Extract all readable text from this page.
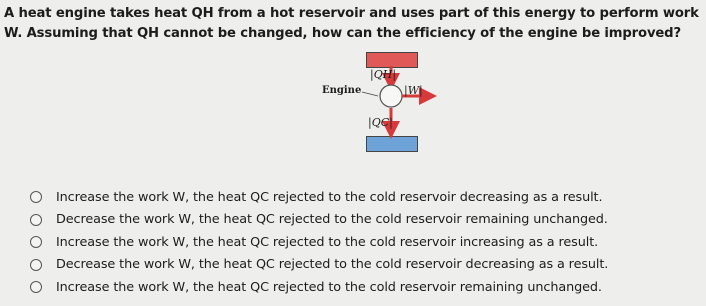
A heat engine takes heat QH from a hot reservoir and uses part of this energy to perform work W. Assuming that QH cannot be changed, how can the efficiency of the engine be improved?
Engine
|QH|
|QC|
|W|
Increase the work W, the heat QC rejected to the cold reservoir decreasing as a result.
Decrease the work W, the heat QC rejected to the cold reservoir remaining unchanged.
Increase the work W, the heat QC rejected to the cold reservoir increasing as a result.
Decrease the work W, the heat QC rejected to the cold reservoir decreasing as a result.
Increase the work W, the heat QC rejected to the cold reservoir remaining unchanged.
